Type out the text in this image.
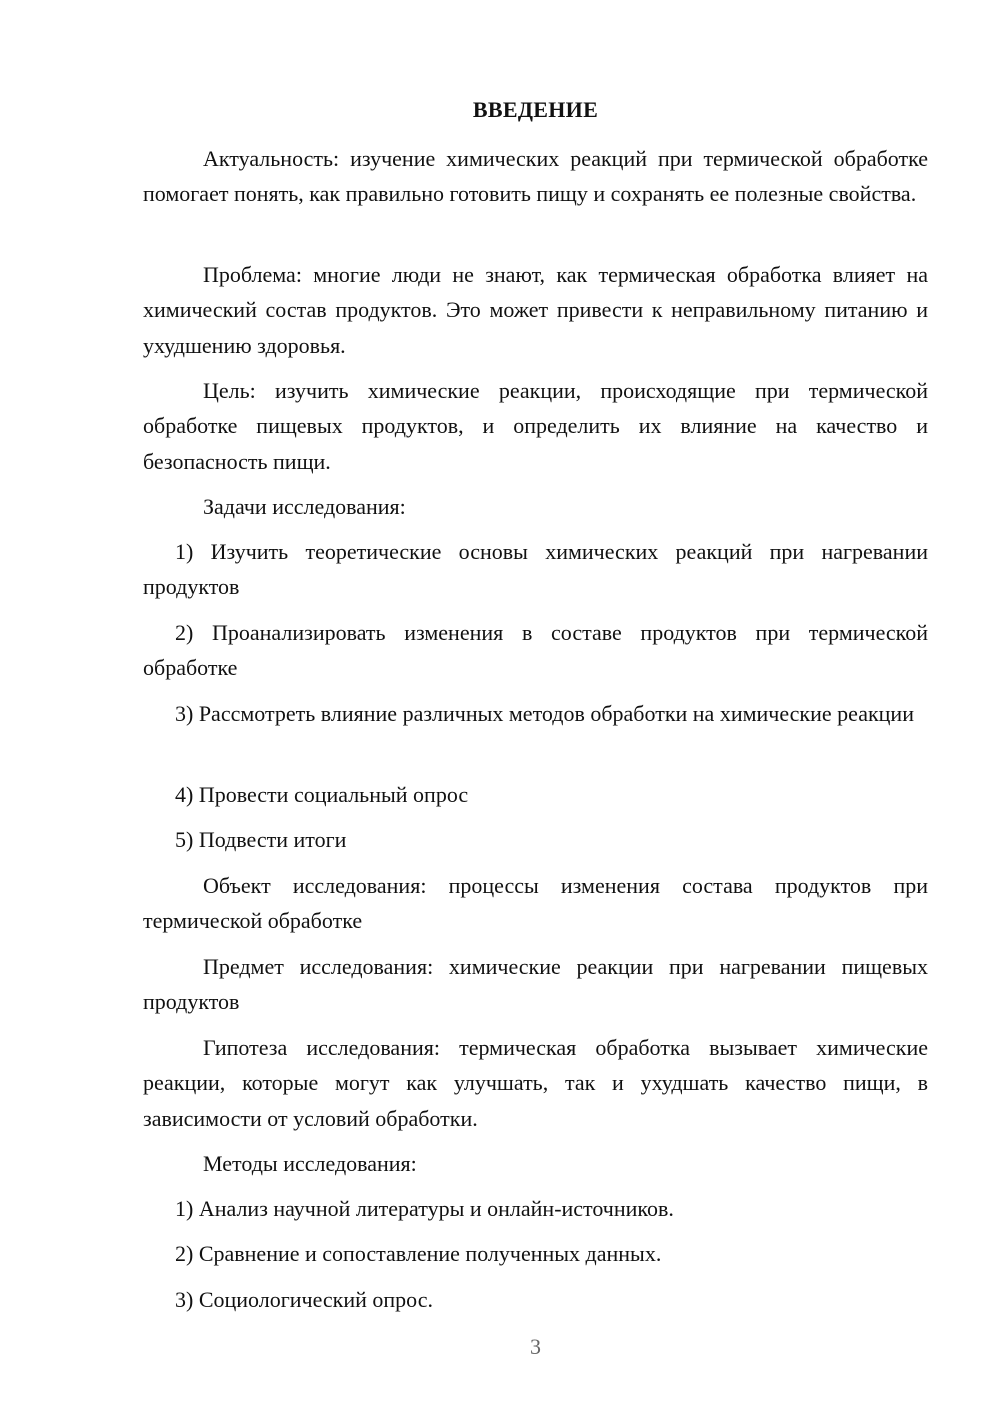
ВВЕДЕНИЕ

Актуальность: изучение химических реакций при термической обработке помогает понять, как правильно готовить пищу и сохранять ее полезные свойства.

Проблема: многие люди не знают, как термическая обработка влияет на химический состав продуктов. Это может привести к неправильному питанию и ухудшению здоровья.

Цель: изучить химические реакции, происходящие при термической обработке пищевых продуктов, и определить их влияние на качество и безопасность пищи.

Задачи исследования:

1) Изучить теоретические основы химических реакций при нагревании продуктов

2) Проанализировать изменения в составе продуктов при термической обработке

3) Рассмотреть влияние различных методов обработки на химические реакции

4) Провести социальный опрос

5) Подвести итоги

Объект исследования: процессы изменения состава продуктов при термической обработке

Предмет исследования: химические реакции при нагревании пищевых продуктов

Гипотеза исследования: термическая обработка вызывает химические реакции, которые могут как улучшать, так и ухудшать качество пищи, в зависимости от условий обработки.

Методы исследования:

1) Анализ научной литературы и онлайн-источников.

2) Сравнение и сопоставление полученных данных.

3) Социологический опрос.

3
